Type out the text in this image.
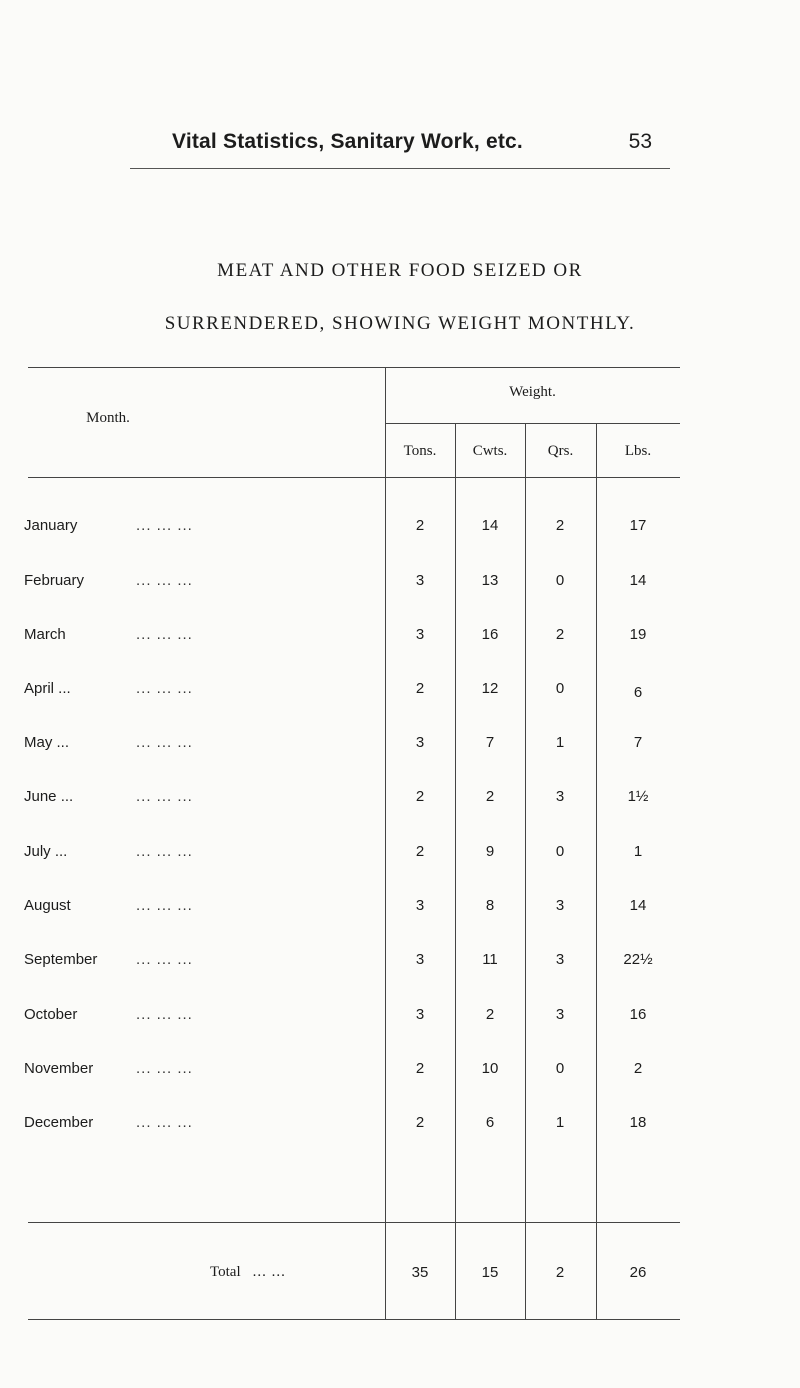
Vital Statistics, Sanitary Work, etc.	53
MEAT AND OTHER FOOD SEIZED OR
SURRENDERED, SHOWING WEIGHT MONTHLY.
Month.
Weight.
Tons.	Cwts.	Qrs.	Lbs.
January	... ... ...	2	14	2	17
February	... ... ...	3	13	0	14
March	... ... ...	3	16	2	19
April ...	... ... ...	2	12	0	6
May ...	... ... ...	3	7	1	7
June ...	... ... ...	2	2	3	1½
July ...	... ... ...	2	9	0	1
August	... ... ...	3	8	3	14
September	... ... ...	3	11	3	22½
October	... ... ...	3	2	3	16
November	... ... ...	2	10	0	2
December	... ... ...	2	6	1	18
Total ... ...	35	15	2	26
